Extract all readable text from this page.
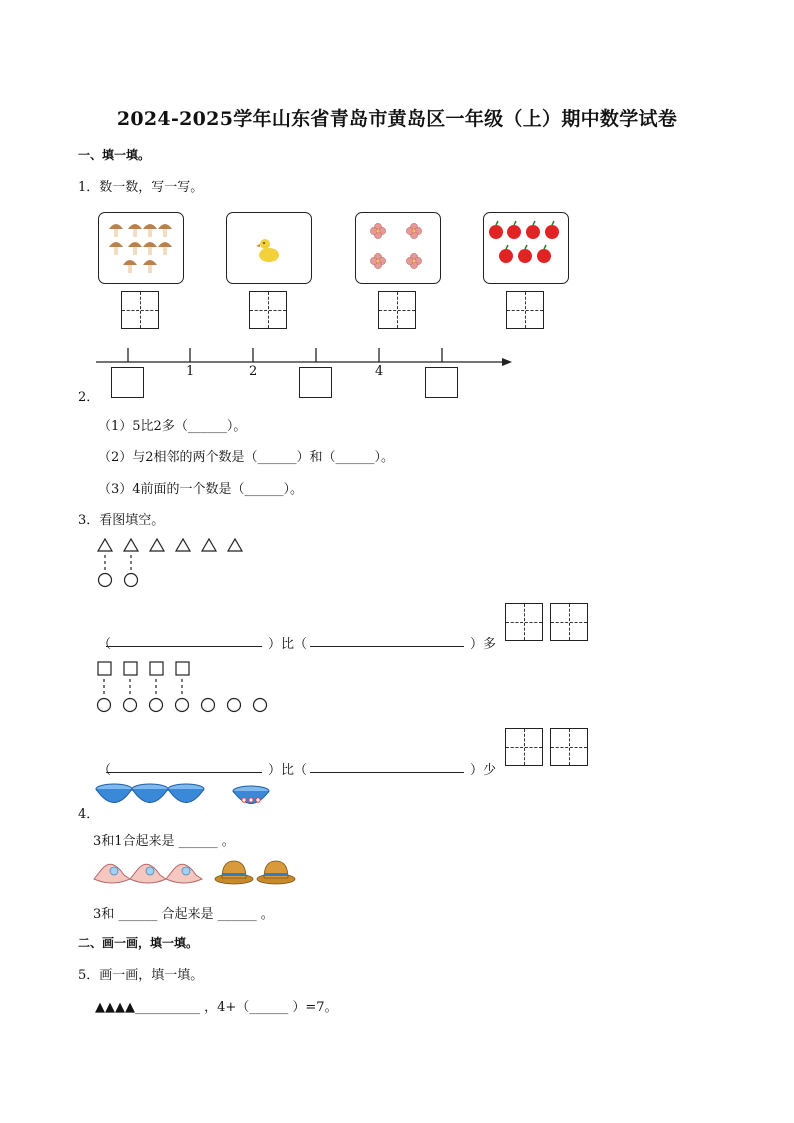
2024-2025学年山东省青岛市黄岛区一年级（上）期中数学试卷
一、填一填。
1．数一数，写一写。
1	2	4
2．
（1）5比2多（______）。
（2）与2相邻的两个数是（______）和（______）。
（3）4前面的一个数是（______）。
3．看图填空。
（	）比（	）多
（	）比（	）少
4．
3和1合起来是 ______ 。
3和 ______ 合起来是 ______ 。
二、画一画，填一填。
5．画一画，填一填。
▲▲▲▲__________ ，4+（______ ）=7。
